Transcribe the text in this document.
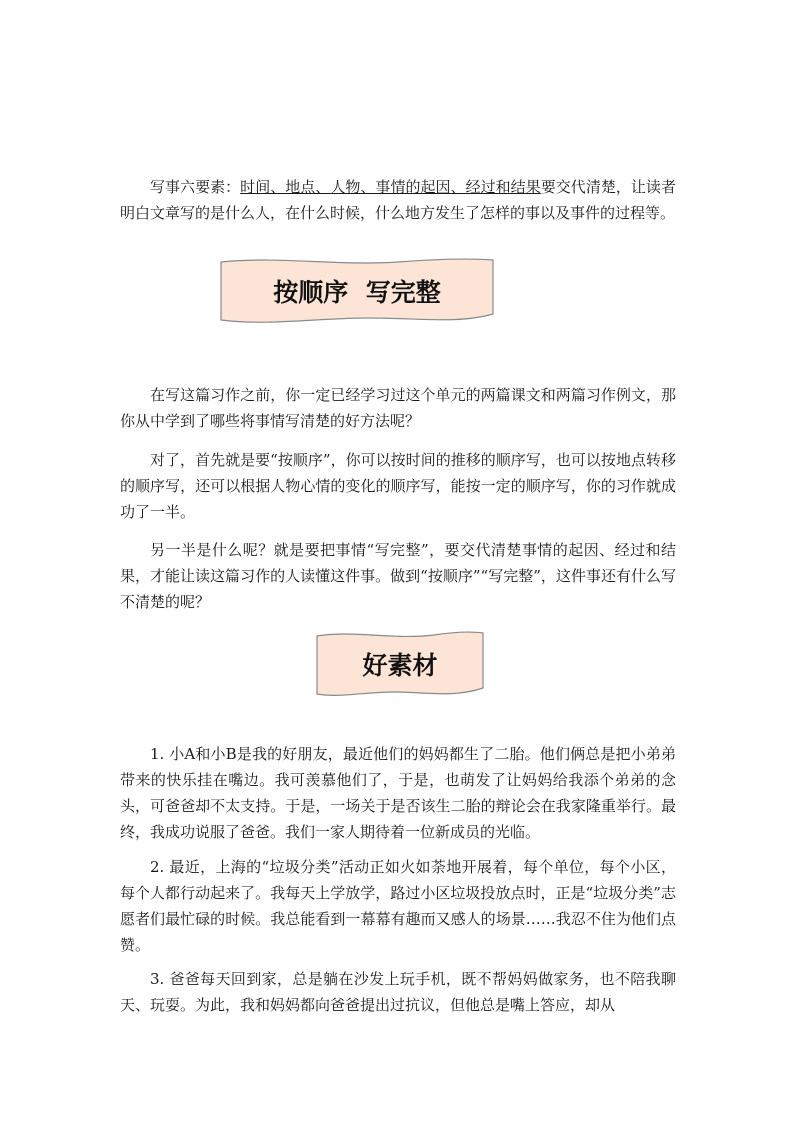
写事六要素：时间、地点、人物、事情的起因、经过和结果要交代清楚，让读者明白文章写的是什么人，在什么时候，什么地方发生了怎样的事以及事件的过程等。

按顺序  写完整

在写这篇习作之前，你一定已经学习过这个单元的两篇课文和两篇习作例文，那你从中学到了哪些将事情写清楚的好方法呢？

对了，首先就是要“按顺序”，你可以按时间的推移的顺序写，也可以按地点转移的顺序写，还可以根据人物心情的变化的顺序写，能按一定的顺序写，你的习作就成功了一半。

另一半是什么呢？就是要把事情“写完整”，要交代清楚事情的起因、经过和结果，才能让读这篇习作的人读懂这件事。做到“按顺序”“写完整”，这件事还有什么写不清楚的呢？

好素材

1. 小A和小B是我的好朋友，最近他们的妈妈都生了二胎。他们俩总是把小弟弟带来的快乐挂在嘴边。我可羡慕他们了，于是，也萌发了让妈妈给我添个弟弟的念头，可爸爸却不太支持。于是，一场关于是否该生二胎的辩论会在我家隆重举行。最终，我成功说服了爸爸。我们一家人期待着一位新成员的光临。

2. 最近，上海的“垃圾分类”活动正如火如荼地开展着，每个单位，每个小区，每个人都行动起来了。我每天上学放学，路过小区垃圾投放点时，正是“垃圾分类”志愿者们最忙碌的时候。我总能看到一幕幕有趣而又感人的场景……我忍不住为他们点赞。

3. 爸爸每天回到家，总是躺在沙发上玩手机，既不帮妈妈做家务，也不陪我聊天、玩耍。为此，我和妈妈都向爸爸提出过抗议，但他总是嘴上答应，却从
